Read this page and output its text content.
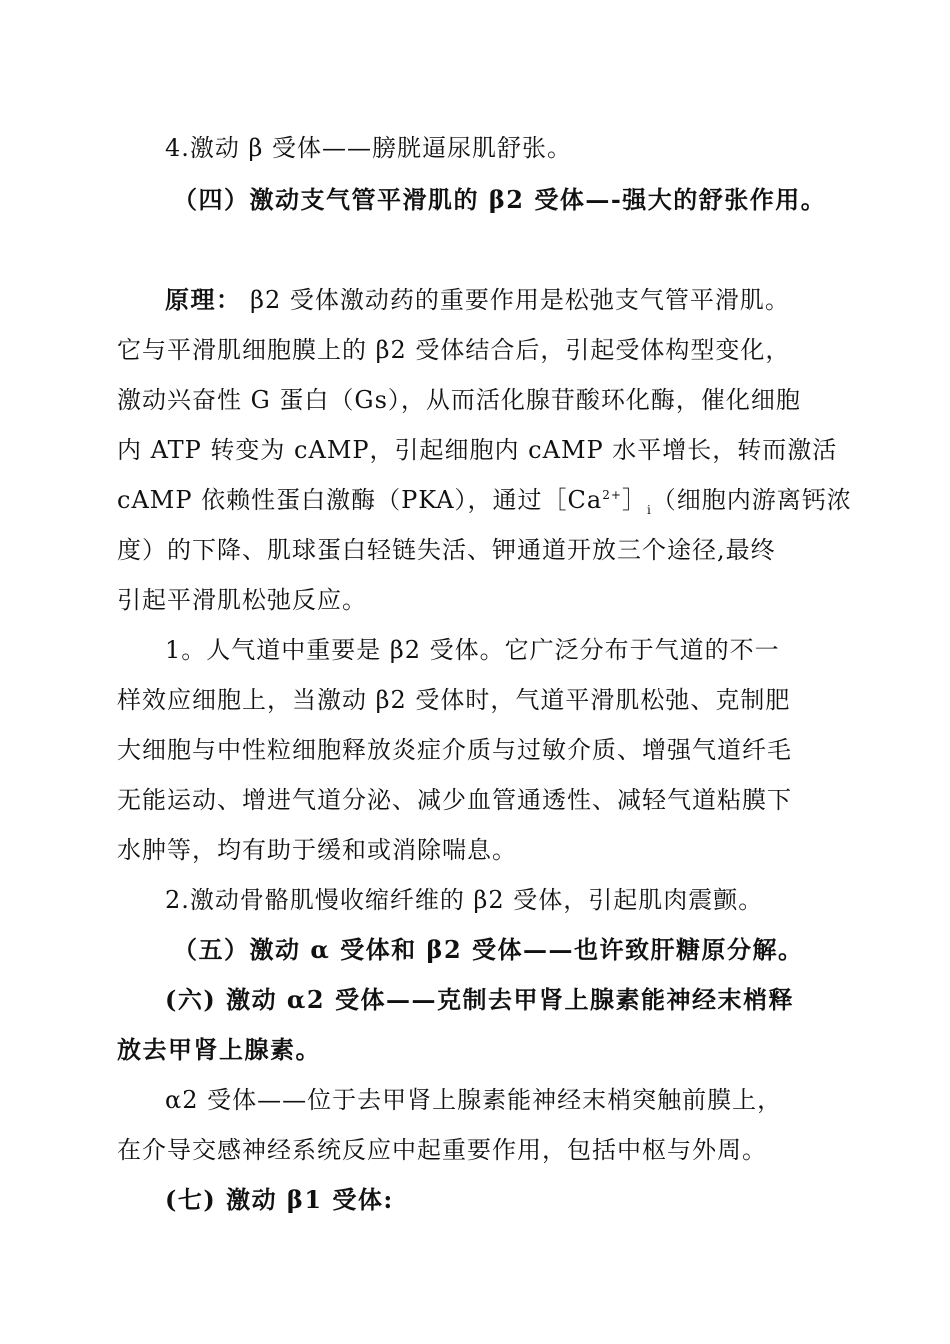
4.激动 β 受体——膀胱逼尿肌舒张。
（四）激动支气管平滑肌的 β2 受体—-强大的舒张作用。
原理： β2 受体激动药的重要作用是松弛支气管平滑肌。
它与平滑肌细胞膜上的 β2 受体结合后，引起受体构型变化，
激动兴奋性 G 蛋白（Gs），从而活化腺苷酸环化酶，催化细胞
内 ATP 转变为 cAMP，引起细胞内 cAMP 水平增长，转而激活
cAMP 依赖性蛋白激酶（PKA），通过$[Ca^{2+}]_i$（细胞内游离钙浓
度）的下降、肌球蛋白轻链失活、钾通道开放三个途径,最终
引起平滑肌松弛反应。
1。人气道中重要是 β2 受体。它广泛分布于气道的不一
样效应细胞上，当激动 β2 受体时，气道平滑肌松弛、克制肥
大细胞与中性粒细胞释放炎症介质与过敏介质、增强气道纤毛
无能运动、增进气道分泌、减少血管通透性、减轻气道粘膜下
水肿等，均有助于缓和或消除喘息。
2.激动骨骼肌慢收缩纤维的 β2 受体，引起肌肉震颤。
（五）激动 α 受体和 β2 受体——也许致肝糖原分解。
(六) 激动 α2 受体——克制去甲肾上腺素能神经末梢释
放去甲肾上腺素。
α2 受体——位于去甲肾上腺素能神经末梢突触前膜上，
在介导交感神经系统反应中起重要作用，包括中枢与外周。
(七) 激动 β1 受体:
